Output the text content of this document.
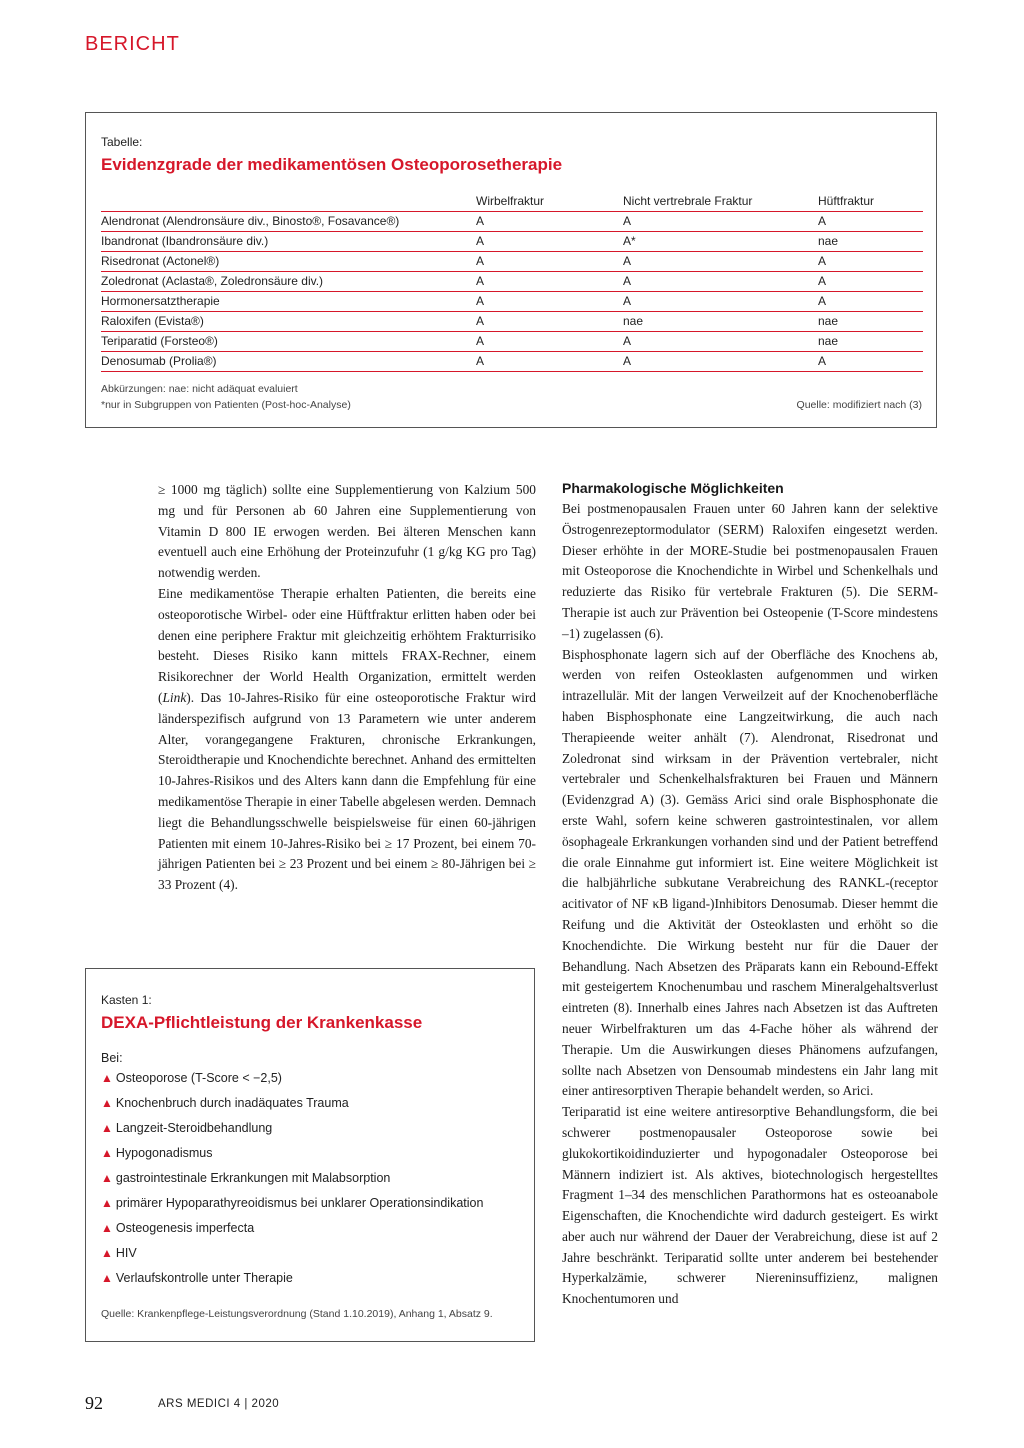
BERICHT
Tabelle:
Evidenzgrade der medikamentösen Osteoporosetherapie
Wirbelfraktur	Nicht vertrebrale Fraktur	Hüftfraktur
Alendronat (Alendronsäure div., Binosto®, Fosavance®)	A	A	A
Ibandronat (Ibandronsäure div.)	A	A*	nae
Risedronat (Actonel®)	A	A	A
Zoledronat (Aclasta®, Zoledronsäure div.)	A	A	A
Hormonersatztherapie	A	A	A
Raloxifen (Evista®)	A	nae	nae
Teriparatid (Forsteo®)	A	A	nae
Denosumab (Prolia®)	A	A	A
Abkürzungen: nae: nicht adäquat evaluiert
*nur in Subgruppen von Patienten (Post-hoc-Analyse)	Quelle: modifiziert nach (3)

≥ 1000 mg täglich) sollte eine Supplementierung von Kalzium 500 mg und für Personen ab 60 Jahren eine Supplementierung von Vitamin D 800 IE erwogen werden. Bei älteren Menschen kann eventuell auch eine Erhöhung der Proteinzufuhr (1 g/kg KG pro Tag) notwendig werden.

Eine medikamentöse Therapie erhalten Patienten, die bereits eine osteoporotische Wirbel- oder eine Hüftfraktur erlitten haben oder bei denen eine periphere Fraktur mit gleichzeitig erhöhtem Frakturrisiko besteht. Dieses Risiko kann mittels FRAX-Rechner, einem Risikorechner der World Health Organization, ermittelt werden (Link). Das 10-Jahres-Risiko für eine osteoporotische Fraktur wird länderspezifisch aufgrund von 13 Parametern wie unter anderem Alter, vorangegangene Frakturen, chronische Erkrankungen, Steroidtherapie und Knochendichte berechnet. Anhand des ermittelten 10-Jahres-Risikos und des Alters kann dann die Empfehlung für eine medikamentöse Therapie in einer Tabelle abgelesen werden. Demnach liegt die Behandlungsschwelle beispielsweise für einen 60-jährigen Patienten mit einem 10-Jahres-Risiko bei ≥ 17 Prozent, bei einem 70-jährigen Patienten bei ≥ 23 Prozent und bei einem ≥ 80-Jährigen bei ≥ 33 Prozent (4).

Kasten 1:
DEXA-Pflichtleistung der Krankenkasse
Bei:
▲ Osteoporose (T-Score < −2,5)
▲ Knochenbruch durch inadäquates Trauma
▲ Langzeit-Steroidbehandlung
▲ Hypogonadismus
▲ gastrointestinale Erkrankungen mit Malabsorption
▲ primärer Hypoparathyreoidismus bei unklarer Operationsindikation
▲ Osteogenesis imperfecta
▲ HIV
▲ Verlaufskontrolle unter Therapie
Quelle: Krankenpflege-Leistungsverordnung (Stand 1.10.2019), Anhang 1, Absatz 9.
Pharmakologische Möglichkeiten

Bei postmenopausalen Frauen unter 60 Jahren kann der selektive Östrogenrezeptormodulator (SERM) Raloxifen eingesetzt werden. Dieser erhöhte in der MORE-Studie bei postmenopausalen Frauen mit Osteoporose die Knochendichte in Wirbel und Schenkelhals und reduzierte das Risiko für vertebrale Frakturen (5). Die SERM-Therapie ist auch zur Prävention bei Osteopenie (T-Score mindestens –1) zugelassen (6).

Bisphosphonate lagern sich auf der Oberfläche des Knochens ab, werden von reifen Osteoklasten aufgenommen und wirken intrazellulär. Mit der langen Verweilzeit auf der Knochenoberfläche haben Bisphosphonate eine Langzeitwirkung, die auch nach Therapieende weiter anhält (7). Alendronat, Risedronat und Zoledronat sind wirksam in der Prävention vertebraler, nicht vertebraler und Schenkelhalsfrakturen bei Frauen und Männern (Evidenzgrad A) (3). Gemäss Arici sind orale Bisphosphonate die erste Wahl, sofern keine schweren gastrointestinalen, vor allem ösophageale Erkrankungen vorhanden sind und der Patient betreffend die orale Einnahme gut informiert ist. Eine weitere Möglichkeit ist die halbjährliche subkutane Verabreichung des RANKL-(receptor acitivator of NF κB ligand-)Inhibitors Denosumab. Dieser hemmt die Reifung und die Aktivität der Osteoklasten und erhöht so die Knochendichte. Die Wirkung besteht nur für die Dauer der Behandlung. Nach Absetzen des Präparats kann ein Rebound-Effekt mit gesteigertem Knochenumbau und raschem Mineralgehaltsverlust eintreten (8). Innerhalb eines Jahres nach Absetzen ist das Auftreten neuer Wirbelfrakturen um das 4-Fache höher als während der Therapie. Um die Auswirkungen dieses Phänomens aufzufangen, sollte nach Absetzen von Densoumab mindestens ein Jahr lang mit einer antiresorptiven Therapie behandelt werden, so Arici.

Teriparatid ist eine weitere antiresorptive Behandlungsform, die bei schwerer postmenopausaler Osteoporose sowie bei glukokortikoidinduzierter und hypogonadaler Osteoporose bei Männern indiziert ist. Als aktives, biotechnologisch hergestelltes Fragment 1–34 des menschlichen Parathormons hat es osteoanabole Eigenschaften, die Knochendichte wird dadurch gesteigert. Es wirkt aber auch nur während der Dauer der Verabreichung, diese ist auf 2 Jahre beschränkt. Teriparatid sollte unter anderem bei bestehender Hyperkalzämie, schwerer Niereninsuffizienz, malignen Knochentumoren und

92	ARS MEDICI 4 | 2020
